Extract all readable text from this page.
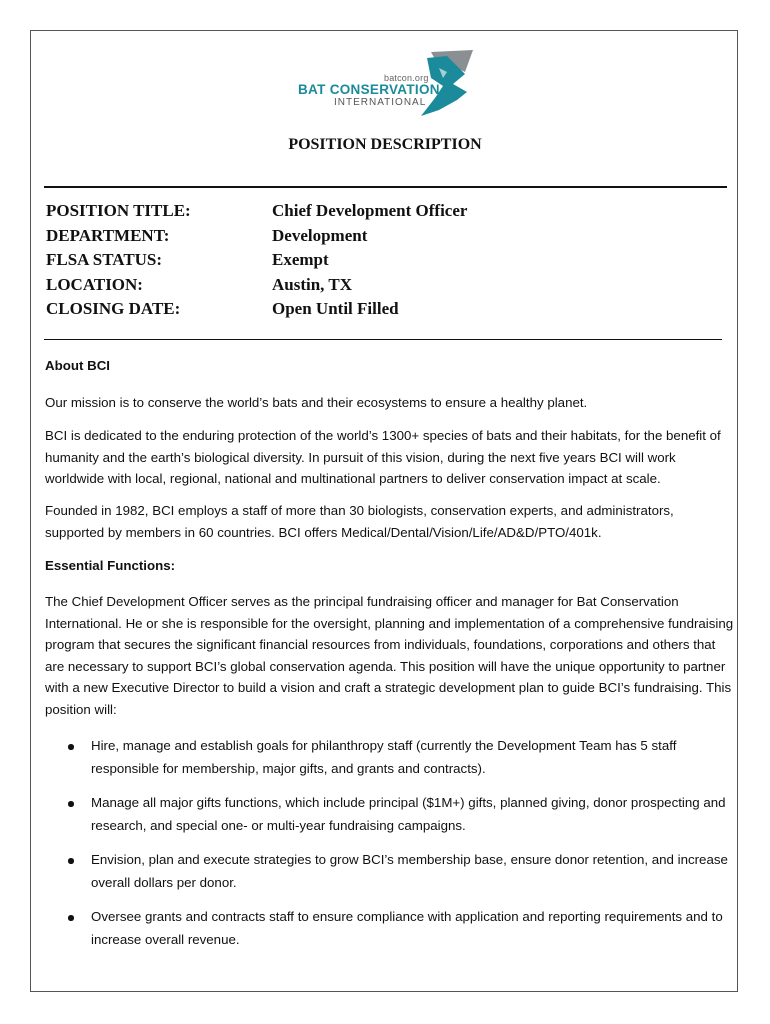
batcon.org
BAT CONSERVATION
INTERNATIONAL
POSITION DESCRIPTION
POSITION TITLE:	Chief Development Officer
DEPARTMENT:	Development
FLSA STATUS:	Exempt
LOCATION:	Austin, TX
CLOSING DATE:	Open Until Filled
About BCI
Our mission is to conserve the world’s bats and their ecosystems to ensure a healthy planet.
BCI is dedicated to the enduring protection of the world’s 1300+ species of bats and their habitats, for the benefit of humanity and the earth’s biological diversity. In pursuit of this vision, during the next five years BCI will work worldwide with local, regional, national and multinational partners to deliver conservation impact at scale.
Founded in 1982, BCI employs a staff of more than 30 biologists, conservation experts, and administrators, supported by members in 60 countries. BCI offers Medical/Dental/Vision/Life/AD&D/PTO/401k.
Essential Functions:
The Chief Development Officer serves as the principal fundraising officer and manager for Bat Conservation International. He or she is responsible for the oversight, planning and implementation of a comprehensive fundraising program that secures the significant financial resources from individuals, foundations, corporations and others that are necessary to support BCI’s global conservation agenda. This position will have the unique opportunity to partner with a new Executive Director to build a vision and craft a strategic development plan to guide BCI’s fundraising. This position will:
Hire, manage and establish goals for philanthropy staff (currently the Development Team has 5 staff responsible for membership, major gifts, and grants and contracts).
Manage all major gifts functions, which include principal ($1M+) gifts, planned giving, donor prospecting and research, and special one- or multi-year fundraising campaigns.
Envision, plan and execute strategies to grow BCI’s membership base, ensure donor retention, and increase overall dollars per donor.
Oversee grants and contracts staff to ensure compliance with application and reporting requirements and to increase overall revenue.
